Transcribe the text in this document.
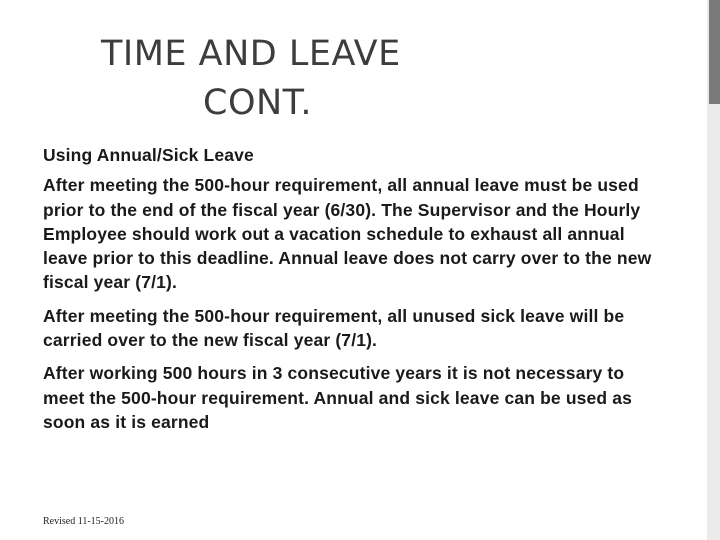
TIME AND LEAVE
CONT.

Using Annual/Sick Leave

After meeting the 500-hour requirement, all annual leave must be used prior to the end of the fiscal year (6/30). The Supervisor and the Hourly Employee should work out a vacation schedule to exhaust all annual leave prior to this deadline. Annual leave does not carry over to the new fiscal year (7/1).

After meeting the 500-hour requirement, all unused sick leave will be carried over to the new fiscal year (7/1).

After working 500 hours in 3 consecutive years it is not necessary to meet the 500-hour requirement. Annual and sick leave can be used as soon as it is earned

Revised 11-15-2016
